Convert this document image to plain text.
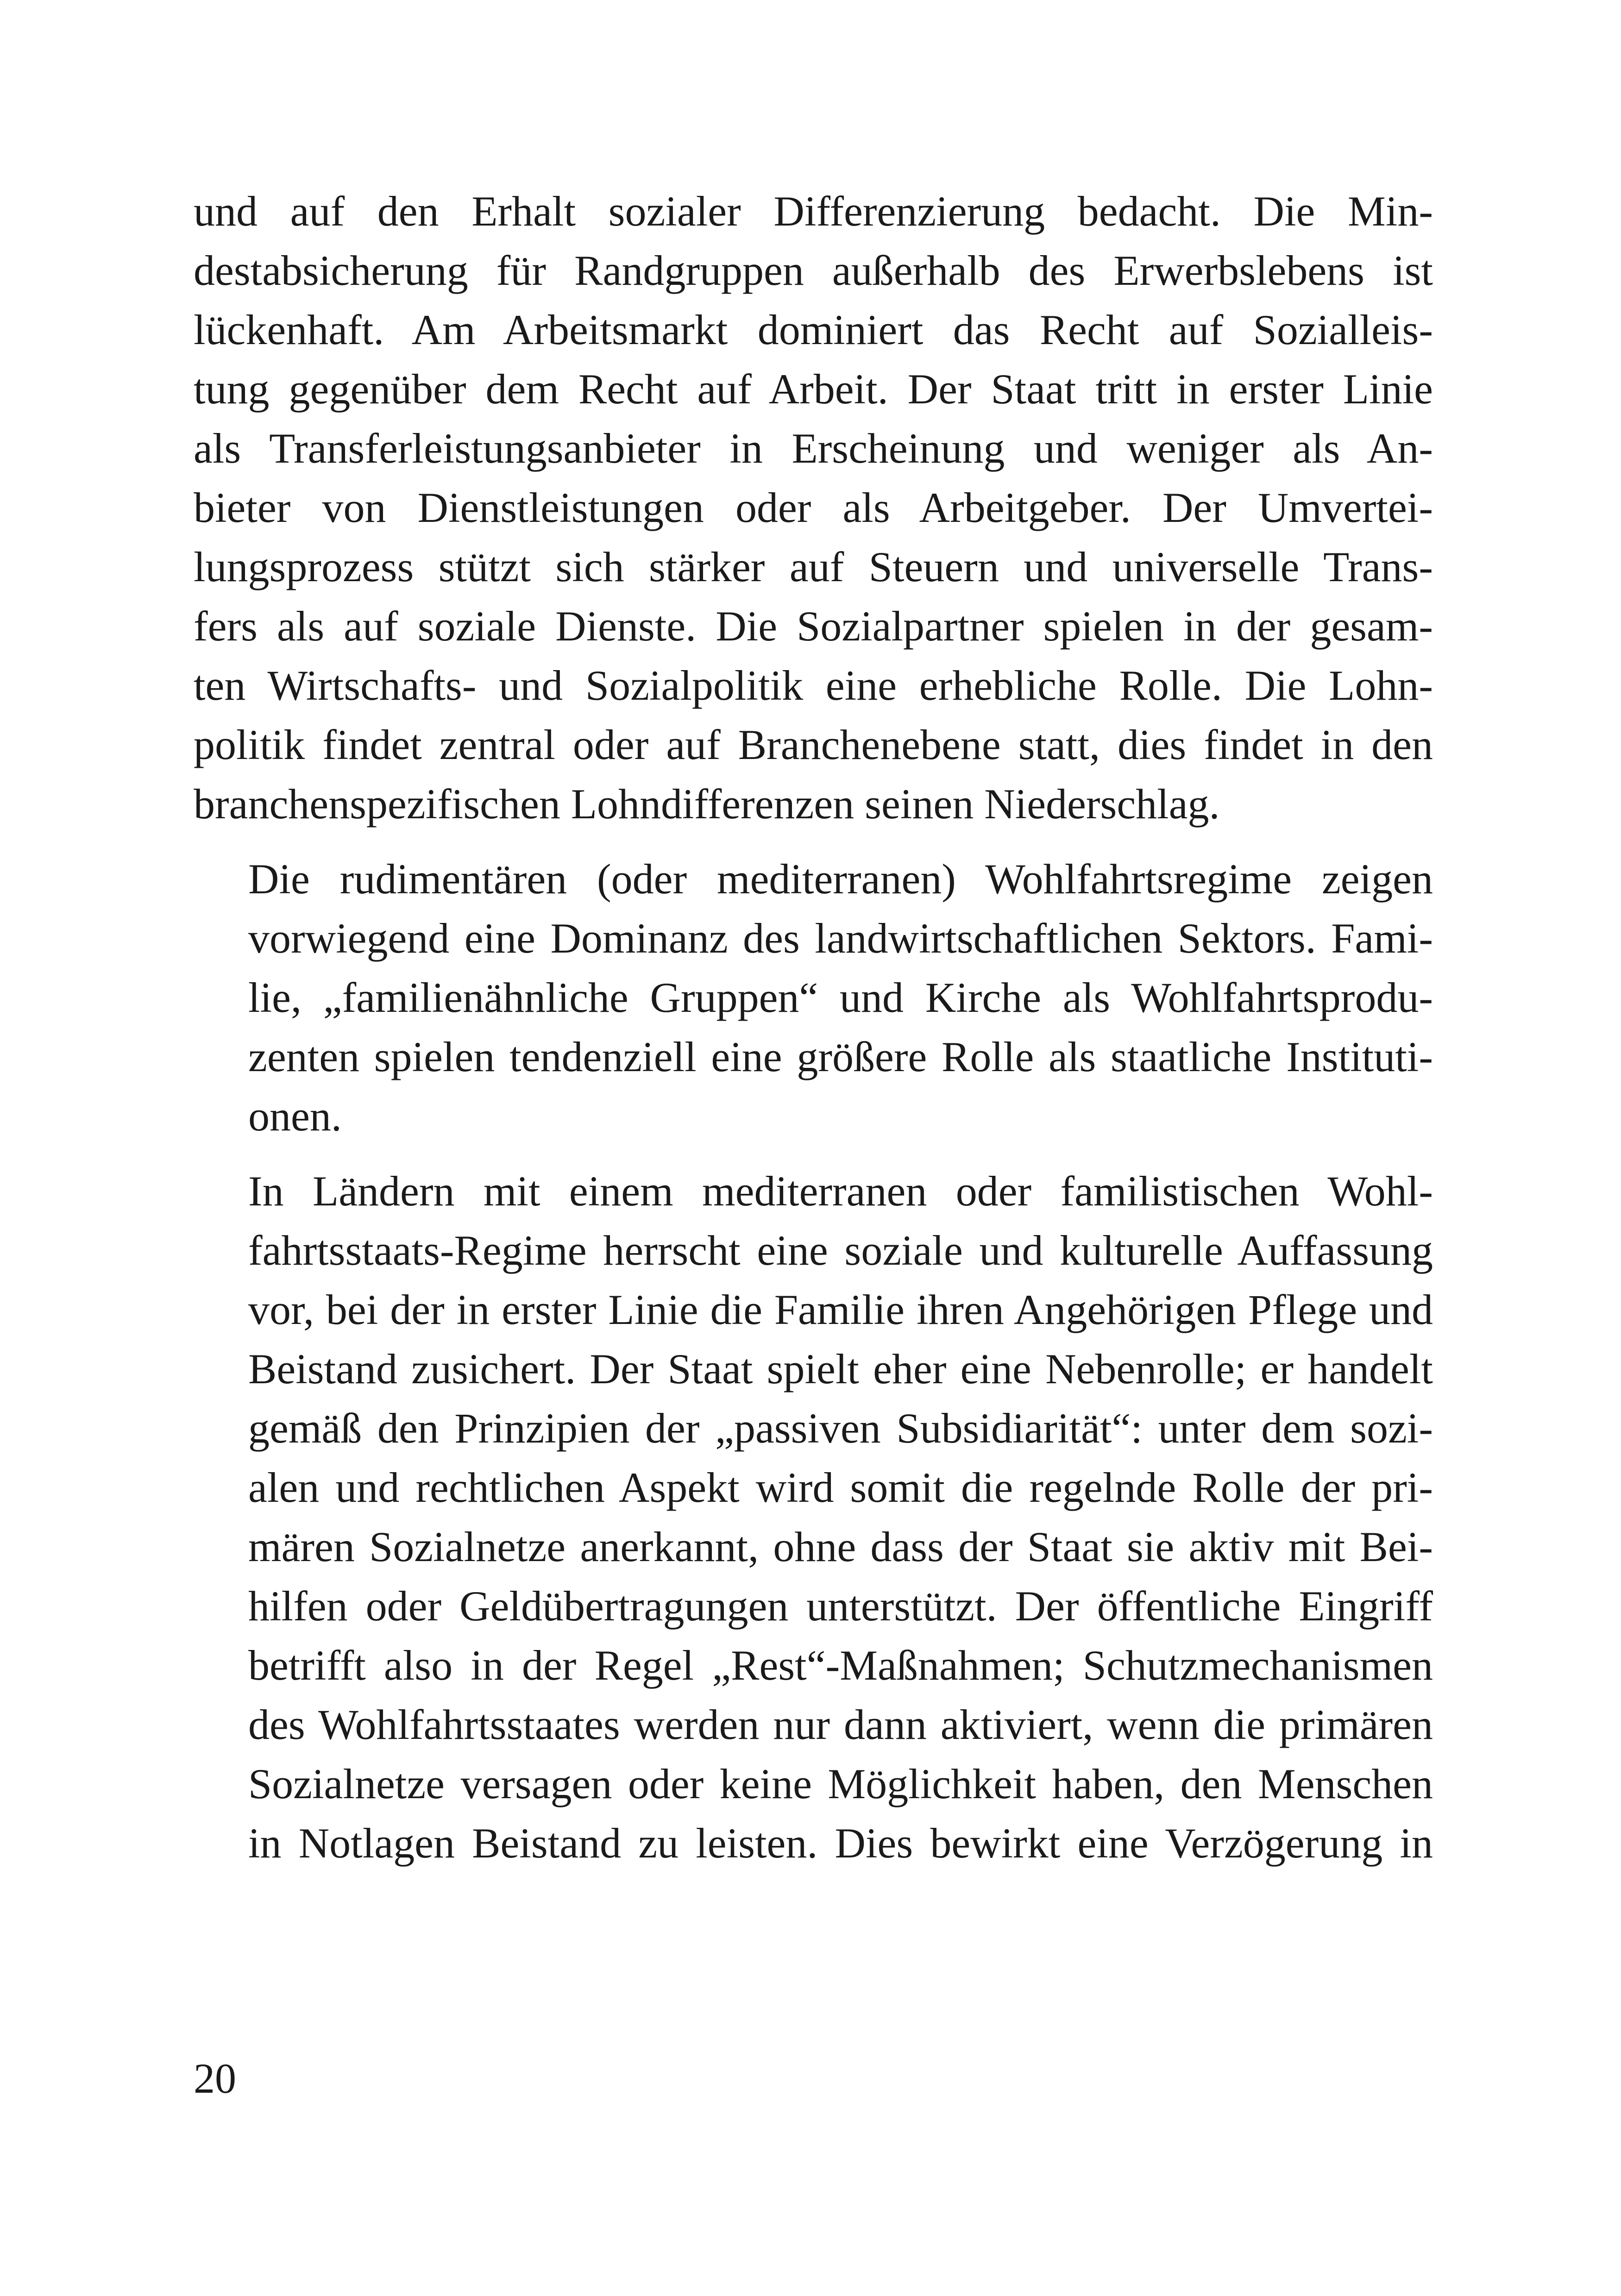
und auf den Erhalt sozialer Differenzierung bedacht. Die Min-
destabsicherung für Randgruppen außerhalb des Erwerbslebens ist
lückenhaft. Am Arbeitsmarkt dominiert das Recht auf Sozialleis-
tung gegenüber dem Recht auf Arbeit. Der Staat tritt in erster Linie
als Transferleistungsanbieter in Erscheinung und weniger als An-
bieter von Dienstleistungen oder als Arbeitgeber. Der Umvertei-
lungsprozess stützt sich stärker auf Steuern und universelle Trans-
fers als auf soziale Dienste. Die Sozialpartner spielen in der gesam-
ten Wirtschafts- und Sozialpolitik eine erhebliche Rolle. Die Lohn-
politik findet zentral oder auf Branchenebene statt, dies findet in den
branchenspezifischen Lohndifferenzen seinen Niederschlag.

Die rudimentären (oder mediterranen) Wohlfahrtsregime zeigen
vorwiegend eine Dominanz des landwirtschaftlichen Sektors. Fami-
lie, „familienähnliche Gruppen“ und Kirche als Wohlfahrtsprodu-
zenten spielen tendenziell eine größere Rolle als staatliche Instituti-
onen.

In Ländern mit einem mediterranen oder familistischen Wohl-
fahrtsstaats-Regime herrscht eine soziale und kulturelle Auffassung
vor, bei der in erster Linie die Familie ihren Angehörigen Pflege und
Beistand zusichert. Der Staat spielt eher eine Nebenrolle; er handelt
gemäß den Prinzipien der „passiven Subsidiarität“: unter dem sozi-
alen und rechtlichen Aspekt wird somit die regelnde Rolle der pri-
mären Sozialnetze anerkannt, ohne dass der Staat sie aktiv mit Bei-
hilfen oder Geldübertragungen unterstützt. Der öffentliche Eingriff
betrifft also in der Regel „Rest“-Maßnahmen; Schutzmechanismen
des Wohlfahrtsstaates werden nur dann aktiviert, wenn die primären
Sozialnetze versagen oder keine Möglichkeit haben, den Menschen
in Notlagen Beistand zu leisten. Dies bewirkt eine Verzögerung in

20
